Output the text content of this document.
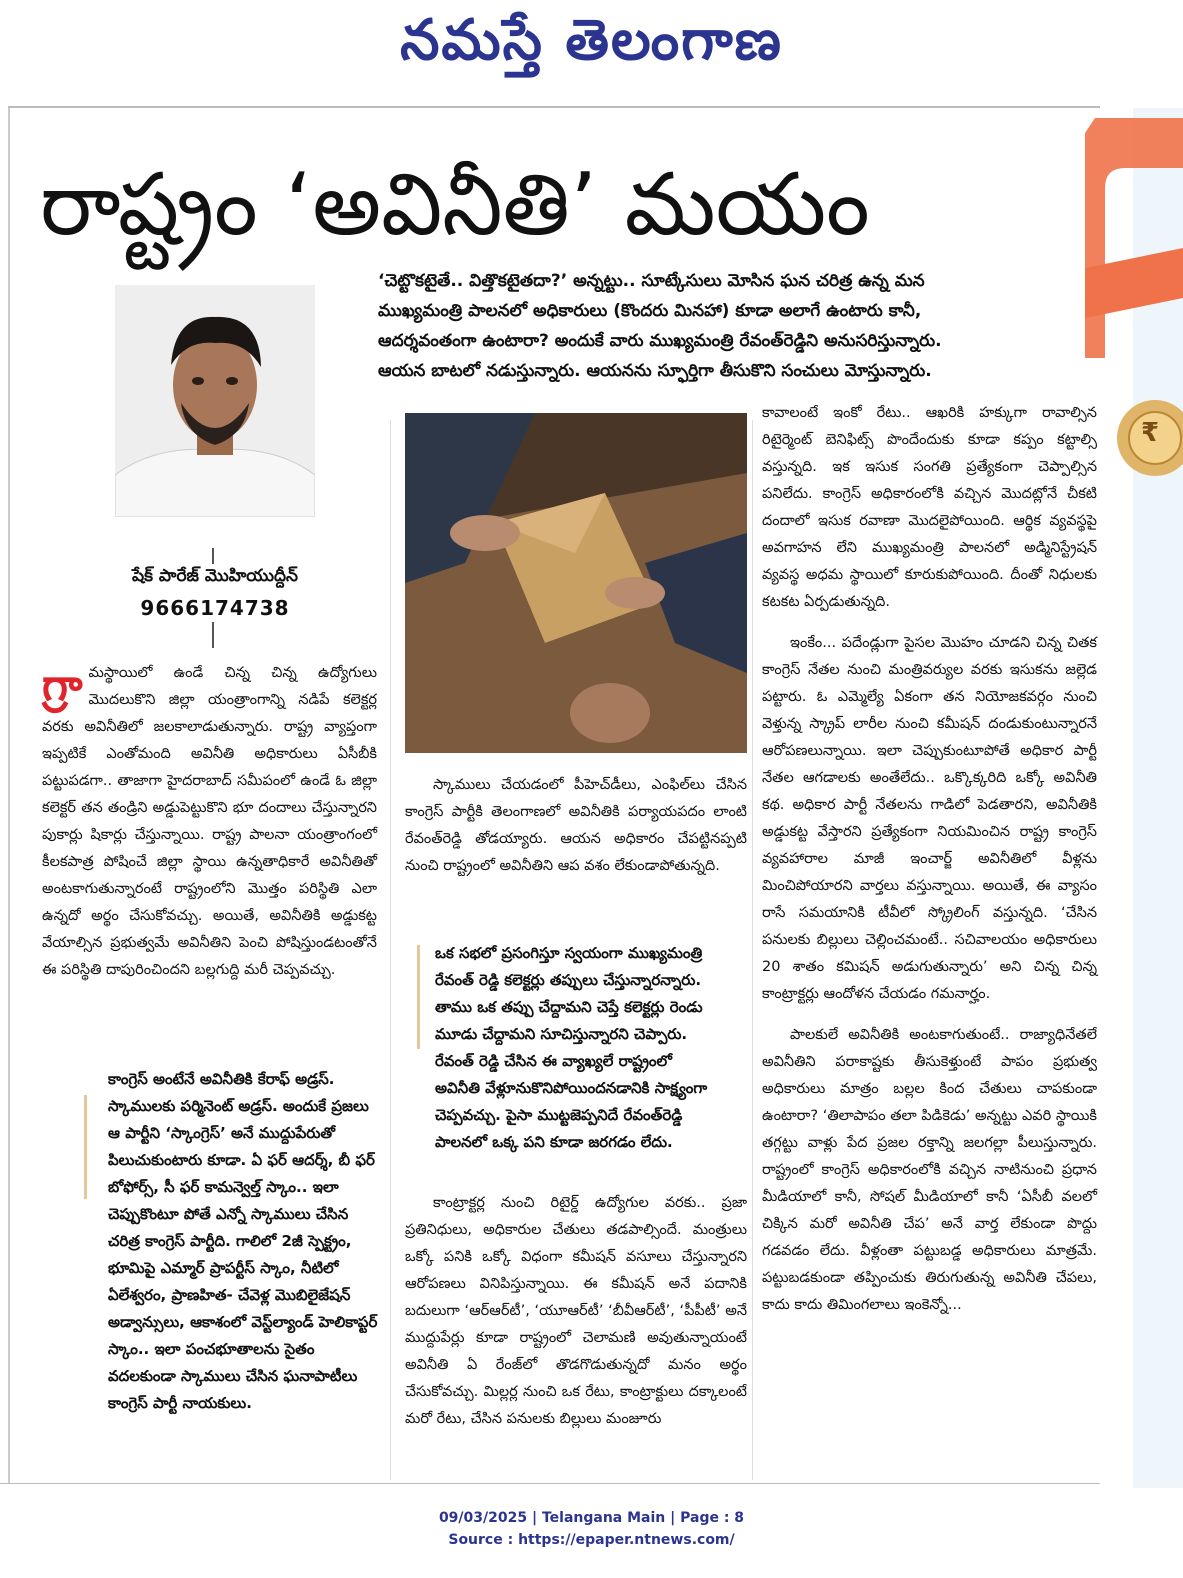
నమస్తే తెలంగాణ
₹
రాష్ట్రం ‘అవినీతి’ మయం

‘చెట్టొకటైతే.. విత్తొకటైతదా?’ అన్నట్టు.. సూట్కేసులు మోసిన ఘన చరిత్ర ఉన్న మన

ముఖ్యమంత్రి పాలనలో అధికారులు (కొందరు మినహా) కూడా అలాగే ఉంటారు కానీ,

ఆదర్శవంతంగా ఉంటారా? అందుకే వారు ముఖ్యమంత్రి రేవంత్‌రెడ్డిని అనుసరిస్తున్నారు.

ఆయన బాటలో నడుస్తున్నారు. ఆయనను స్ఫూర్తిగా తీసుకొని సంచులు మోస్తున్నారు.

షేక్ పారేజ్ మొహియుద్దీన్
9666174738
గ్రా మస్థాయిలో ఉండే చిన్న చిన్న ఉద్యోగులు మొదలుకొని జిల్లా యంత్రాంగాన్ని నడిపే కలెక్టర్ల వరకు అవినీతిలో జలకాలాడుతున్నారు. రాష్ట్ర వ్యాప్తంగా ఇప్పటికే ఎంతోమంది అవినీతి అధికారులు ఏసీబీకి పట్టుపడగా.. తాజాగా హైదరాబాద్ సమీపంలో ఉండే ఓ జిల్లా కలెక్టర్ తన తండ్రిని అడ్డుపెట్టుకొని భూ దందాలు చేస్తున్నారని పుకార్లు షికార్లు చేస్తున్నాయి. రాష్ట్ర పాలనా యంత్రాంగంలో కీలకపాత్ర పోషించే జిల్లా స్థాయి ఉన్నతాధికారే అవినీతితో అంటకాగుతున్నారంటే రాష్ట్రంలోని మొత్తం పరిస్థితి ఎలా ఉన్నదో అర్థం చేసుకోవచ్చు. అయితే, అవినీతికి అడ్డుకట్ట వేయాల్సిన ప్రభుత్వమే అవినీతిని పెంచి పోషిస్తుండటంతోనే ఈ పరిస్థితి దాపురించిందని బల్లగుద్ది మరీ చెప్పవచ్చు.
కాంగ్రెస్ అంటేనే అవినీతికి కేరాఫ్ అడ్రస్. స్కాములకు పర్మినెంట్ అడ్రస్. అందుకే ప్రజలు ఆ పార్టీని ‘స్కాంగ్రెస్’ అనే ముద్దుపేరుతో పిలుచుకుంటారు కూడా. ఏ ఫర్ ఆదర్శ్, బీ ఫర్ బోఫోర్స్, సీ ఫర్ కామన్వెల్త్ స్కాం.. ఇలా చెప్పుకొంటూ పోతే ఎన్నో స్కాములు చేసిన చరిత్ర కాంగ్రెస్ పార్టీది. గాలిలో 2జీ స్పెక్ట్రం, భూమిపై ఎమ్మార్ ప్రాపర్టీస్ స్కాం, నీటిలో ఏలేశ్వరం, ప్రాణహిత- చేవెళ్ల మొబిలైజేషన్ అడ్వాన్సులు, ఆకాశంలో వెస్ట్‌ల్యాండ్ హెలికాప్టర్ స్కాం.. ఇలా పంచభూతాలను సైతం వదలకుండా స్కాములు చేసిన ఘనాపాటీలు కాంగ్రెస్ పార్టీ నాయకులు.

స్కాములు చేయడంలో పీహెచ్‌డీలు, ఎంఫిల్‌లు చేసిన కాంగ్రెస్ పార్టీకి తెలంగాణలో అవినీతికి పర్యాయపదం లాంటి రేవంత్‌రెడ్డి తోడయ్యారు. ఆయన అధికారం చేపట్టినప్పటి నుంచి రాష్ట్రంలో అవినీతిని ఆప వశం లేకుండాపోతున్నది.

ఒక సభలో ప్రసంగిస్తూ స్వయంగా ముఖ్యమంత్రి రేవంత్ రెడ్డి కలెక్టర్లు తప్పులు చేస్తున్నారన్నారు. తాము ఒక తప్పు చేద్దామని చెప్తే కలెక్టర్లు రెండు మూడు చేద్దామని సూచిస్తున్నారని చెప్పారు. రేవంత్ రెడ్డి చేసిన ఈ వ్యాఖ్యలే రాష్ట్రంలో అవినీతి వేళ్లూనుకొనిపోయిందనడానికి సాక్ష్యంగా చెప్పవచ్చు. పైసా ముట్టజెప్పనిదే రేవంత్‌రెడ్డి పాలనలో ఒక్క పని కూడా జరగడం లేదు.

కాంట్రాక్టర్ల నుంచి రిటైర్డ్ ఉద్యోగుల వరకు.. ప్రజా ప్రతినిధులు, అధికారుల చేతులు తడపాల్సిందే. మంత్రులు ఒక్కో పనికి ఒక్కో విధంగా కమీషన్ వసూలు చేస్తున్నారని ఆరోపణలు వినిపిస్తున్నాయి. ఈ కమీషన్ అనే పదానికి బదులుగా ‘ఆర్ఆర్‌టీ’, ‘యూఆర్‌టీ’ ‘బీవీఆర్‌టీ’, ‘పీపీటీ’ అనే ముద్దుపేర్లు కూడా రాష్ట్రంలో చెలామణి అవుతున్నాయంటే అవినీతి ఏ రేంజ్‌లో తొడగొడుతున్నదో మనం అర్థం చేసుకోవచ్చు. మిల్లర్ల నుంచి ఒక రేటు, కాంట్రాక్టులు దక్కాలంటే మరో రేటు, చేసిన పనులకు బిల్లులు మంజూరు

కావాలంటే ఇంకో రేటు.. ఆఖరికి హక్కుగా రావాల్సిన రిటైర్మెంట్ బెనిఫిట్స్ పొందేందుకు కూడా కప్పం కట్టాల్సి వస్తున్నది. ఇక ఇసుక సంగతి ప్రత్యేకంగా చెప్పాల్సిన పనిలేదు. కాంగ్రెస్ అధికారంలోకి వచ్చిన మొదట్లోనే చీకటి దందాలో ఇసుక రవాణా మొదలైపోయింది. ఆర్థిక వ్యవస్థపై అవగాహన లేని ముఖ్యమంత్రి పాలనలో అడ్మినిస్ట్రేషన్ వ్యవస్థ అధమ స్థాయిలో కూరుకుపోయింది. దీంతో నిధులకు కటకట ఏర్పడుతున్నది.

ఇంకేం... పదేండ్లుగా పైసల మొహం చూడని చిన్న చితక కాంగ్రెస్ నేతల నుంచి మంత్రివర్యుల వరకు ఇసుకను జల్లెడ పట్టారు. ఓ ఎమ్మెల్యే ఏకంగా తన నియోజకవర్గం నుంచి వెళ్తున్న స్క్రాప్ లారీల నుంచి కమీషన్ దండుకుంటున్నారనే ఆరోపణలున్నాయి. ఇలా చెప్పుకుంటూపోతే అధికార పార్టీ నేతల ఆగడాలకు అంతేలేదు.. ఒక్కొక్కరిది ఒక్కో అవినీతి కథ. అధికార పార్టీ నేతలను గాడిలో పెడతారని, అవినీతికి అడ్డుకట్ట వేస్తారని ప్రత్యేకంగా నియమించిన రాష్ట్ర కాంగ్రెస్ వ్యవహారాల మాజీ ఇంచార్జ్ అవినీతిలో వీళ్లను మించిపోయారని వార్తలు వస్తున్నాయి. అయితే, ఈ వ్యాసం రాసే సమయానికి టీవీలో స్క్రోలింగ్ వస్తున్నది. ‘చేసిన పనులకు బిల్లులు చెల్లించమంటే.. సచివాలయం అధికారులు 20 శాతం కమిషన్ అడుగుతున్నారు’ అని చిన్న చిన్న కాంట్రాక్టర్లు ఆందోళన చేయడం గమనార్హం.

పాలకులే అవినీతికి అంటకాగుతుంటే.. రాజ్యాధినేతలే అవినీతిని పరాకాష్టకు తీసుకెళ్తుంటే పాపం ప్రభుత్వ అధికారులు మాత్రం బల్లల కింద చేతులు చాపకుండా ఉంటారా? ‘తిలాపాపం తలా పిడికెడు’ అన్నట్టు ఎవరి స్థాయికి తగ్గట్టు వాళ్లు పేద ప్రజల రక్తాన్ని జలగల్లా పీలుస్తున్నారు. రాష్ట్రంలో కాంగ్రెస్ అధికారంలోకి వచ్చిన నాటినుంచి ప్రధాన మీడియాలో కానీ, సోషల్ మీడియాలో కానీ ‘ఏసీబీ వలలో చిక్కిన మరో అవినీతి చేప’ అనే వార్త లేకుండా పొద్దు గడవడం లేదు. వీళ్లంతా పట్టుబడ్డ అధికారులు మాత్రమే. పట్టుబడకుండా తప్పించుకు తిరుగుతున్న అవినీతి చేపలు, కాదు కాదు తిమింగలాలు ఇంకెన్నో...

09/03/2025 | Telangana Main | Page : 8
Source : https://epaper.ntnews.com/
